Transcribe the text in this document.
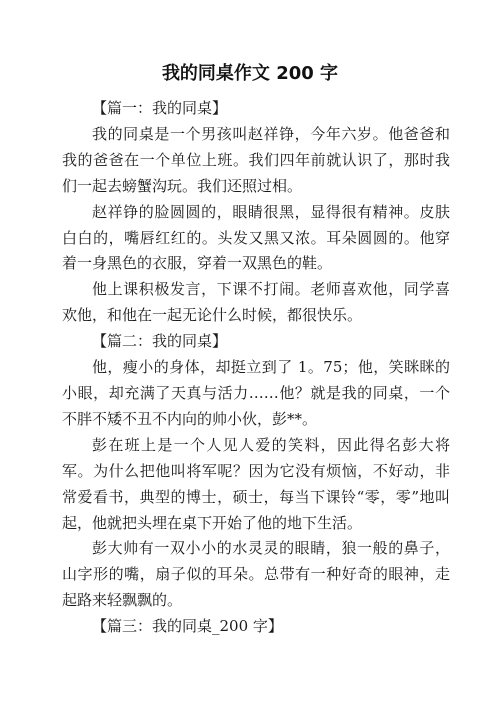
我的同桌作文 200 字

【篇一：我的同桌】

我的同桌是一个男孩叫赵祥铮，今年六岁。他爸爸和我的爸爸在一个单位上班。我们四年前就认识了，那时我们一起去螃蟹沟玩。我们还照过相。

赵祥铮的脸圆圆的，眼睛很黑，显得很有精神。皮肤白白的，嘴唇红红的。头发又黑又浓。耳朵圆圆的。他穿着一身黑色的衣服，穿着一双黑色的鞋。

他上课积极发言，下课不打闹。老师喜欢他，同学喜欢他，和他在一起无论什么时候，都很快乐。

【篇二：我的同桌】

他，瘦小的身体，却挺立到了 1。75；他，笑眯眯的小眼，却充满了天真与活力……他？就是我的同桌，一个不胖不矮不丑不内向的帅小伙，彭**。

彭在班上是一个人见人爱的笑料，因此得名彭大将军。为什么把他叫将军呢？因为它没有烦恼，不好动，非常爱看书，典型的博士，硕士，每当下课铃“零，零”地叫起，他就把头埋在桌下开始了他的地下生活。

彭大帅有一双小小的水灵灵的眼睛，狼一般的鼻子，山字形的嘴，扇子似的耳朵。总带有一种好奇的眼神，走起路来轻飘飘的。

【篇三：我的同桌_200 字】
